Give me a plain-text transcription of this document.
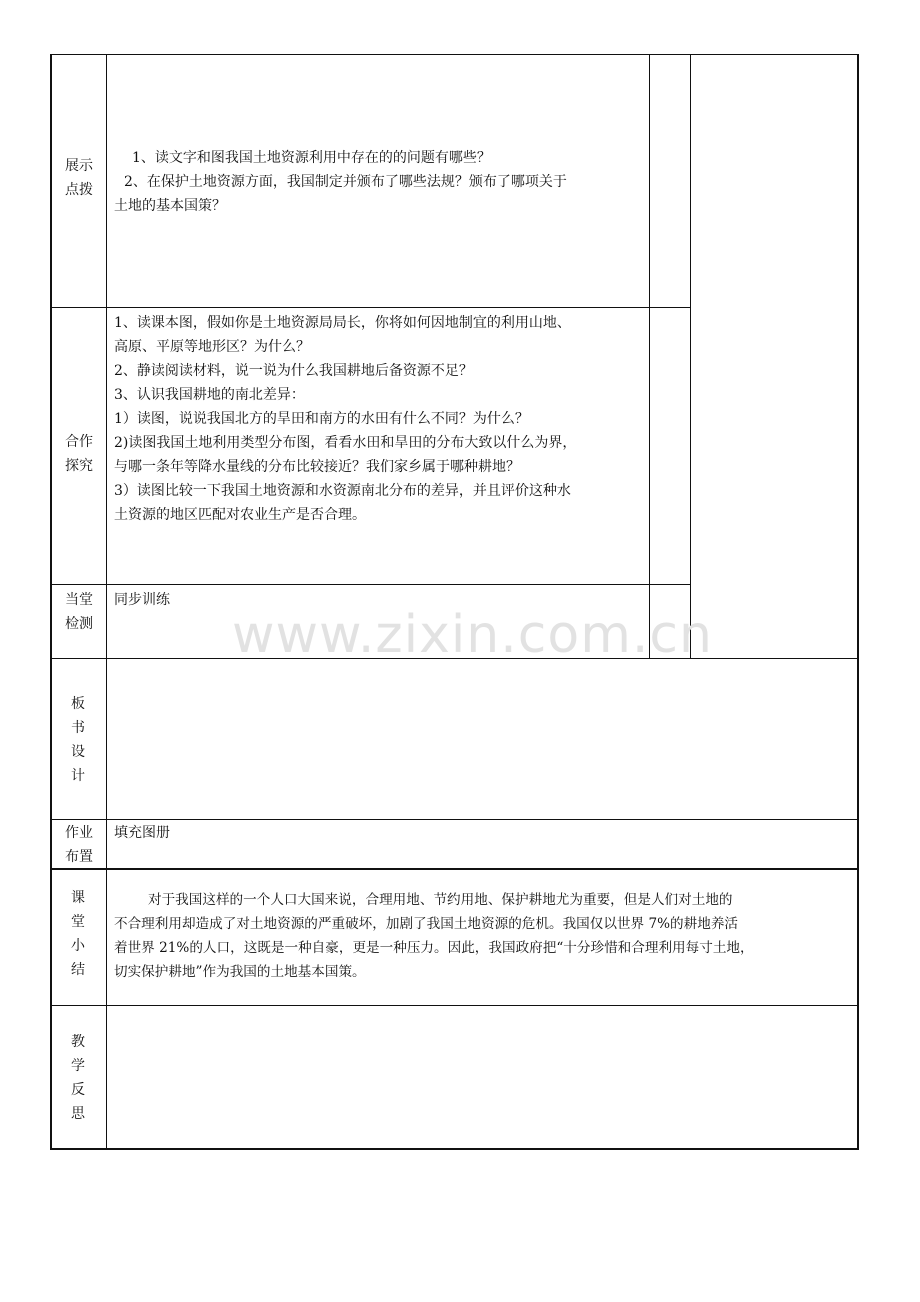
www.zixin.com.cn
展示
点拨
1、读文字和图我国土地资源利用中存在的的问题有哪些？
2、在保护土地资源方面，我国制定并颁布了哪些法规？颁布了哪项关于
土地的基本国策？
合作
探究
1、读课本图，假如你是土地资源局局长，你将如何因地制宜的利用山地、
高原、平原等地形区？为什么？
2、静读阅读材料，说一说为什么我国耕地后备资源不足？
3、认识我国耕地的南北差异：
1）读图，说说我国北方的旱田和南方的水田有什么不同？为什么？
2)读图我国土地利用类型分布图，看看水田和旱田的分布大致以什么为界，
与哪一条年等降水量线的分布比较接近？我们家乡属于哪种耕地？
3）读图比较一下我国土地资源和水资源南北分布的差异，并且评价这种水
土资源的地区匹配对农业生产是否合理。
当堂
检测
同步训练
板
书
设
计
作业
布置
填充图册
课
堂
小
结
对于我国这样的一个人口大国来说，合理用地、节约用地、保护耕地尤为重要，但是人们对土地的
不合理利用却造成了对土地资源的严重破坏，加剧了我国土地资源的危机。我国仅以世界 7%的耕地养活
着世界 21%的人口，这既是一种自豪，更是一种压力。因此，我国政府把“十分珍惜和合理利用每寸土地，
切实保护耕地”作为我国的土地基本国策。
教
学
反
思
